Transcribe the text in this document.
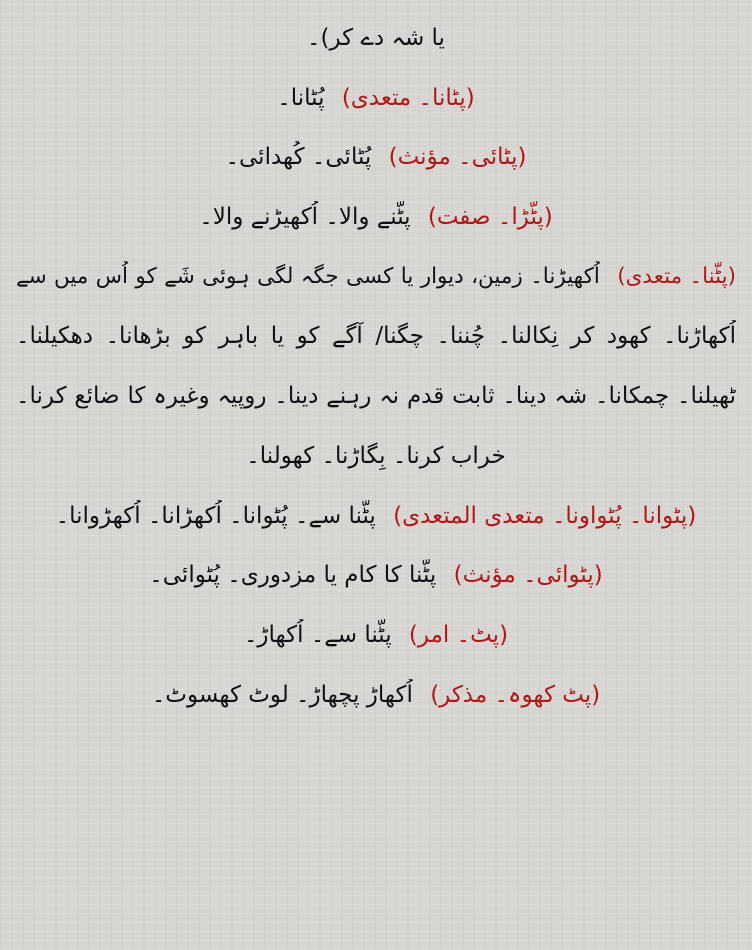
یا شہ دے کر)۔
(پٹانا۔ متعدی) پُٹانا۔
(پٹائی۔ مؤنث) پُٹائی۔ کُھدائی۔
(پٹّڑا۔ صفت) پٹّنے والا۔ اُکھیڑنے والا۔
(پٹّنا۔ متعدی) اُکھیڑنا۔ زمین، دیوار یا کسی جگہ لگی ہوئی شَے کو اُس میں سے
اُکھاڑنا۔ کھود کر نِکالنا۔ چُننا۔ چگنا/ آگے کو یا باہر کو بڑھانا۔ دھکیلنا۔
ٹھیلنا۔ چمکانا۔ شہ دینا۔ ثابت قدم نہ رہنے دینا۔ روپیہ وغیرہ کا ضائع کرنا۔
خراب کرنا۔ بِگاڑنا۔ کھولنا۔
(پٹوانا۔ پُٹواونا۔ متعدی المتعدی) پٹّنا سے۔ پُٹوانا۔ اُکھڑانا۔ اُکھڑوانا۔
(پٹوائی۔ مؤنث) پٹّنا کا کام یا مزدوری۔ پُٹوائی۔
(پٹ۔ امر) پٹّنا سے۔ اُکھاڑ۔
(پٹ کھوہ۔ مذکر) اُکھاڑ پچھاڑ۔ لوٹ کھسوٹ۔
